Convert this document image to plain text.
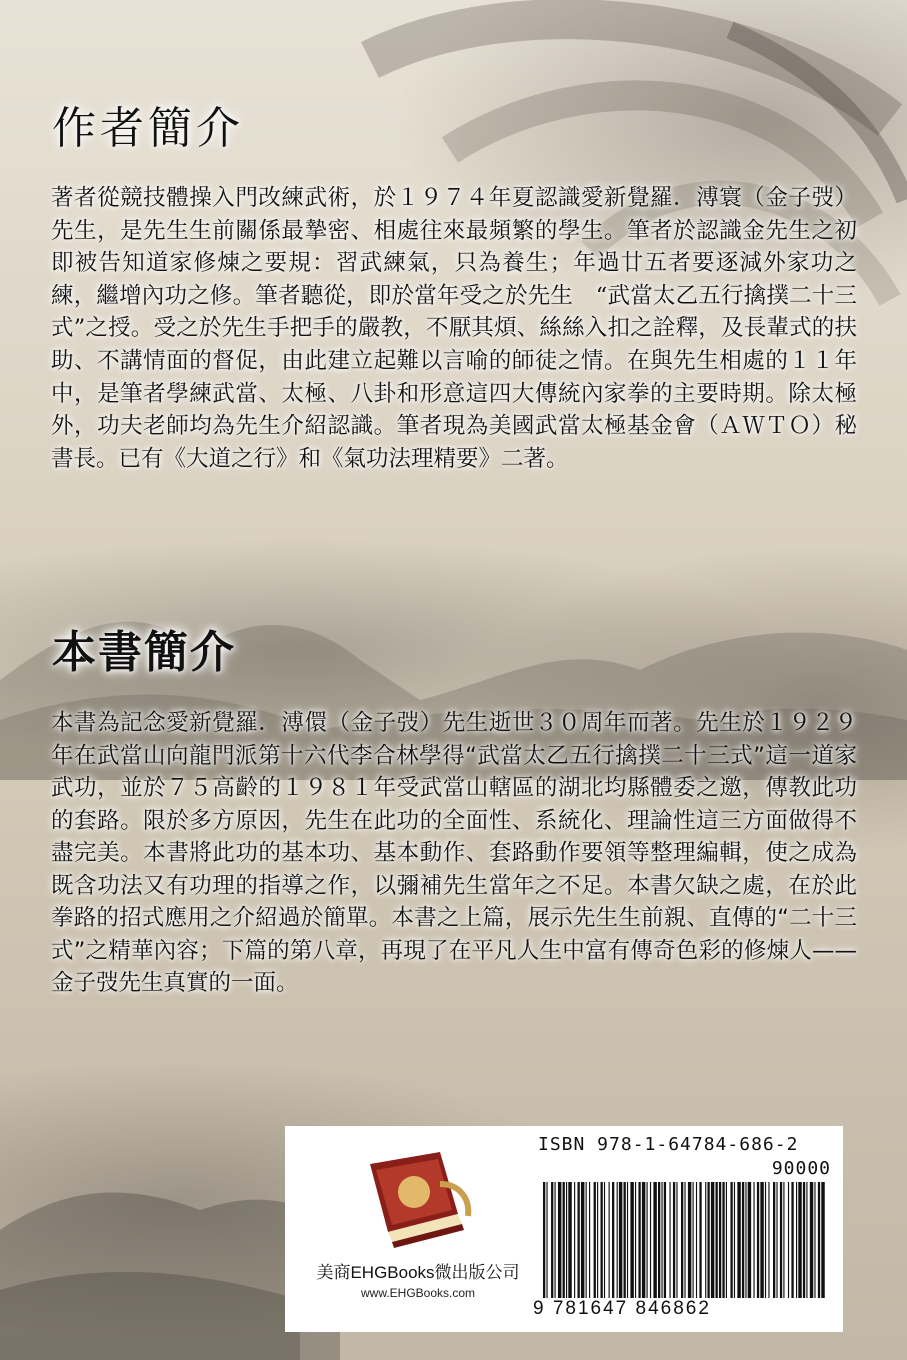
作者簡介

著者從競技體操入門改練武術，於１９７４年夏認識愛新覺羅．溥寰（金子弢）先生，是先生生前關係最摯密、相處往來最頻繁的學生。筆者於認識金先生之初即被告知道家修煉之要規：習武練氣，只為養生；年過廿五者要逐減外家功之練，繼增內功之修。筆者聽從，即於當年受之於先生　“武當太乙五行擒撲二十三式”之授。受之於先生手把手的嚴教，不厭其煩、絲絲入扣之詮釋，及長輩式的扶助、不講情面的督促，由此建立起難以言喻的師徒之情。在與先生相處的１１年中，是筆者學練武當、太極、八卦和形意這四大傳統內家拳的主要時期。除太極外，功夫老師均為先生介紹認識。筆者現為美國武當太極基金會（ＡＷＴＯ）秘書長。已有《大道之行》和《氣功法理精要》二著。

本書簡介

本書為記念愛新覺羅．溥儇（金子弢）先生逝世３０周年而著。先生於１９２９年在武當山向龍門派第十六代李合林學得“武當太乙五行擒撲二十三式”這一道家武功，並於７５高齡的１９８１年受武當山轄區的湖北均縣體委之邀，傳教此功的套路。限於多方原因，先生在此功的全面性、系統化、理論性這三方面做得不盡完美。本書將此功的基本功、基本動作、套路動作要領等整理編輯，使之成為既含功法又有功理的指導之作，以彌補先生當年之不足。本書欠缺之處，在於此拳路的招式應用之介紹過於簡單。本書之上篇，展示先生生前親、直傳的“二十三式”之精華內容；下篇的第八章，再現了在平凡人生中富有傳奇色彩的修煉人——金子弢先生真實的一面。

美商EHGBooks微出版公司
www.EHGBooks.com
ISBN 978-1-64784-686-2
90000
9 781647 846862
